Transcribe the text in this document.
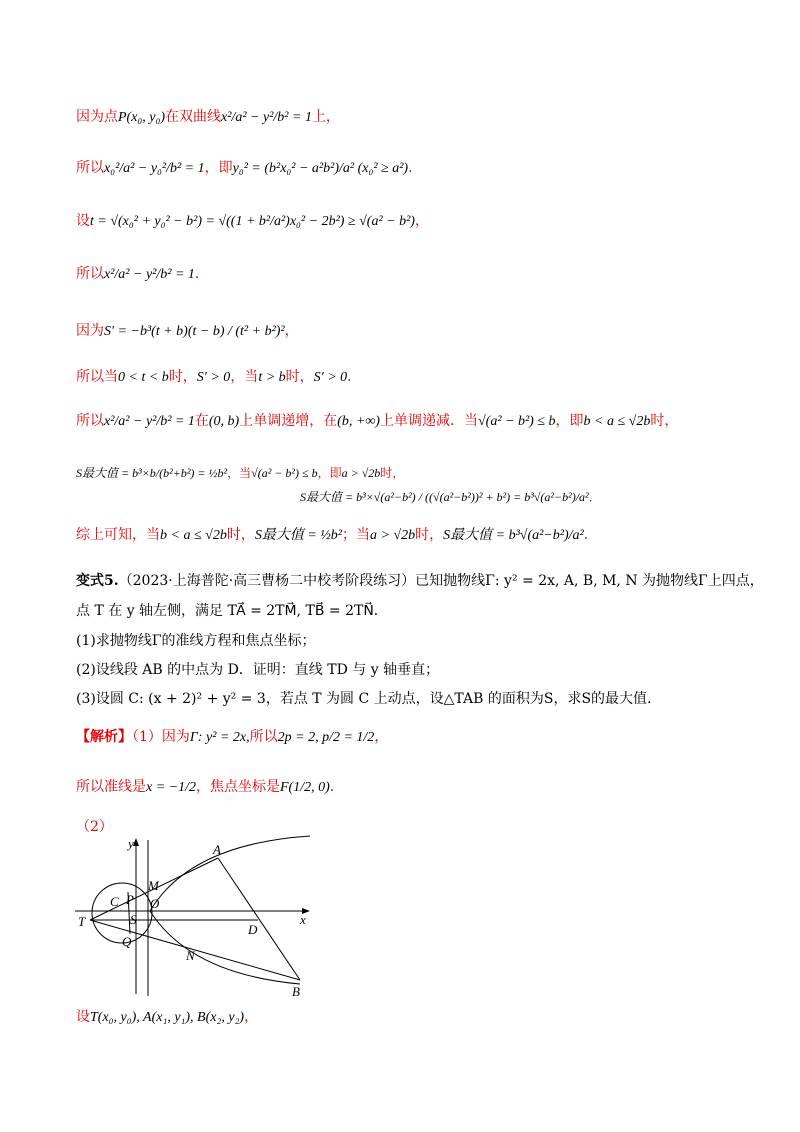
因为点P(x₀, y₀)在双曲线x²/a² − y²/b² = 1上，
所以x₀²/a² − y₀²/b² = 1，即y₀² = (b²x₀² − a²b²)/a² (x₀² ≥ a²)．
设t = √(x₀² + y₀² − b²) = √((1 + b²/a²)x₀² − 2b²) ≥ √(a² − b²)，
所以x²/a² − y²/b² = 1．
因为S′ = −b³(t + b)(t − b) / (t² + b²)²，
所以当0 < t < b时，S′ > 0，当t > b时，S′ > 0．
所以x²/a² − y²/b² = 1在(0, b)上单调递增，在(b, +∞)上单调递减．当√(a² − b²) ≤ b，即b < a ≤ √2b时，
S最大值 = b³×b/(b²+b²) = ½b²，当√(a² − b²) ≤ b，即a > √2b时，
S最大值 = b³×√(a²−b²) / ((√(a²−b²))² + b²) = b³√(a²−b²)/a²．
综上可知，当b < a ≤ √2b时，S最大值 = ½b²；当a > √2b时，S最大值 = b³√(a²−b²)/a²．
变式5.（2023·上海普陀·高三曹杨二中校考阶段练习）已知抛物线Γ: y² = 2x, A, B, M, N 为抛物线Γ上四点，
点 T 在 y 轴左侧，满足 TA⃗ = 2TM⃗, TB⃗ = 2TN⃗．
(1)求抛物线Γ的准线方程和焦点坐标；
(2)设线段 AB 的中点为 D．证明：直线 TD 与 y 轴垂直；
(3)设圆 C: (x + 2)² + y² = 3，若点 T 为圆 C 上动点，设△TAB 的面积为S，求S的最大值.
【解析】（1）因为Γ: y² = 2x,所以2p = 2, p/2 = 1/2，
所以准线是x = −1/2，焦点坐标是F(1/2, 0)．
（2）
y	A
M
C P O
x
T	S
D
Q
N
B
设T(x₀, y₀), A(x₁, y₁), B(x₂, y₂)，
